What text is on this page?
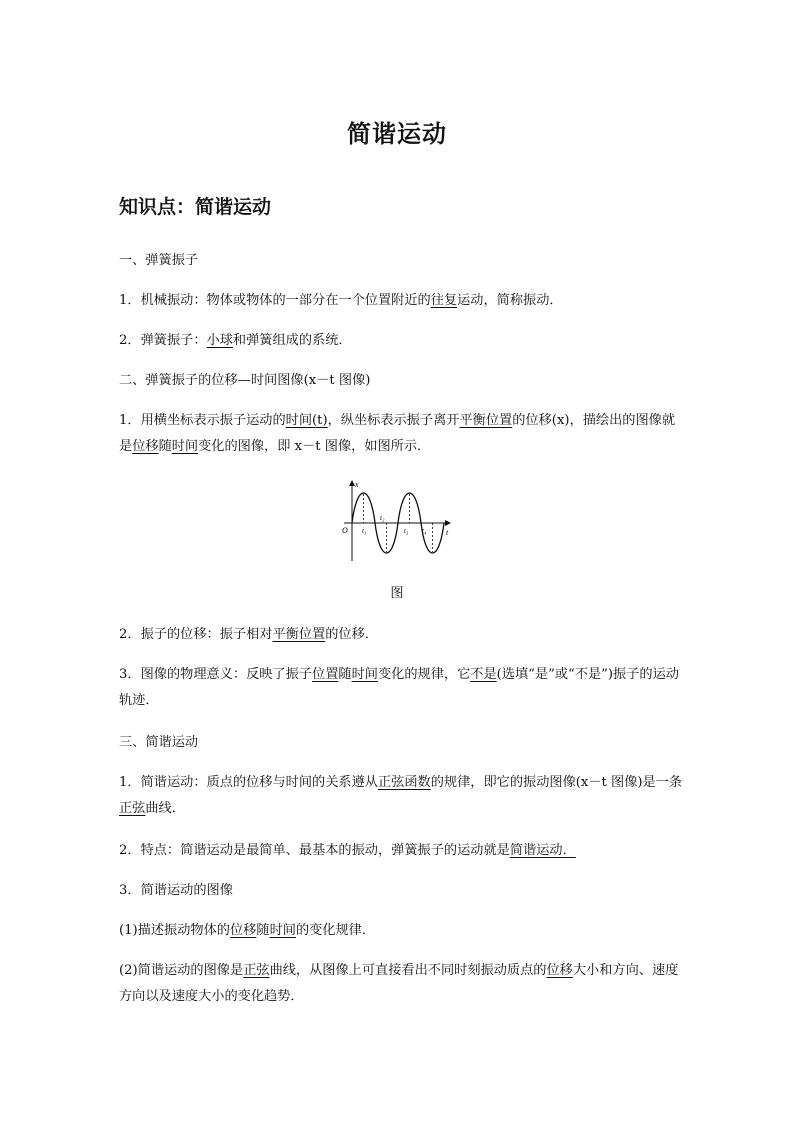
简谐运动
知识点：简谐运动
一、弹簧振子
1．机械振动：物体或物体的一部分在一个位置附近的往复运动，简称振动．
2．弹簧振子：小球和弹簧组成的系统．
二、弹簧振子的位移—时间图像(x－t 图像)
1．用横坐标表示振子运动的时间(t)，纵坐标表示振子离开平衡位置的位移(x)，描绘出的图像就是位移随时间变化的图像，即 x－t 图像，如图所示．
x
t
O t₁
t₂
t₃ t₄
图
2．振子的位移：振子相对平衡位置的位移．
3．图像的物理意义：反映了振子位置随时间变化的规律，它不是(选填“是”或“不是”)振子的运动轨迹．
三、简谐运动
1．简谐运动：质点的位移与时间的关系遵从正弦函数的规律，即它的振动图像(x－t 图像)是一条正弦曲线．
2．特点：简谐运动是最简单、最基本的振动，弹簧振子的运动就是简谐运动．
3．简谐运动的图像
(1)描述振动物体的位移随时间的变化规律．
(2)简谐运动的图像是正弦曲线，从图像上可直接看出不同时刻振动质点的位移大小和方向、速度方向以及速度大小的变化趋势．
